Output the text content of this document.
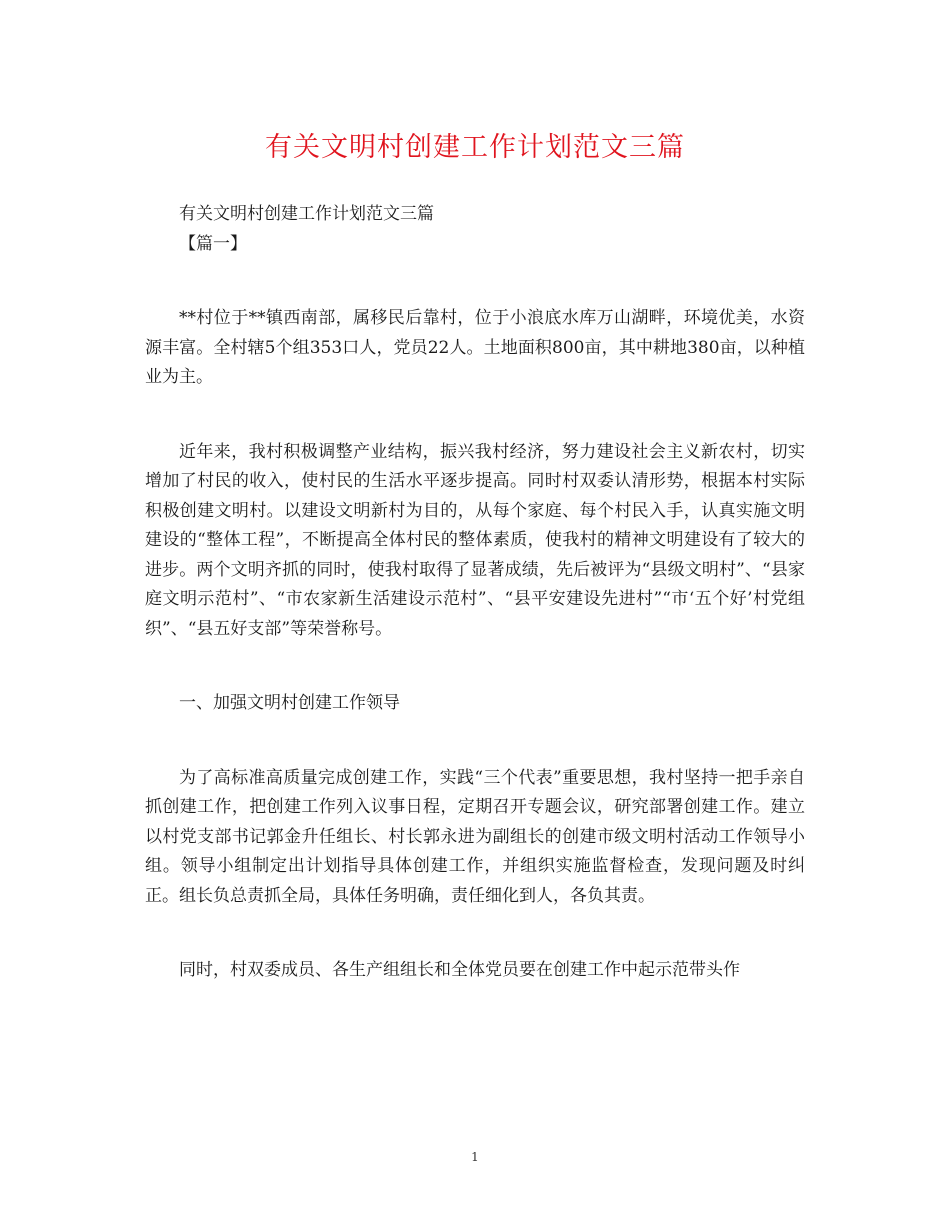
有关文明村创建工作计划范文三篇

有关文明村创建工作计划范文三篇

【篇一】

**村位于**镇西南部，属移民后靠村，位于小浪底水库万山湖畔，环境优美，水资源丰富。全村辖5个组353口人，党员22人。土地面积800亩，其中耕地380亩，以种植业为主。

近年来，我村积极调整产业结构，振兴我村经济，努力建设社会主义新农村，切实增加了村民的收入，使村民的生活水平逐步提高。同时村双委认清形势，根据本村实际积极创建文明村。以建设文明新村为目的，从每个家庭、每个村民入手，认真实施文明建设的“整体工程”，不断提高全体村民的整体素质，使我村的精神文明建设有了较大的进步。两个文明齐抓的同时，使我村取得了显著成绩，先后被评为“县级文明村”、“县家庭文明示范村”、“市农家新生活建设示范村”、“县平安建设先进村”“市‘五个好’村党组织”、“县五好支部”等荣誉称号。

一、加强文明村创建工作领导

为了高标准高质量完成创建工作，实践“三个代表”重要思想，我村坚持一把手亲自抓创建工作，把创建工作列入议事日程，定期召开专题会议，研究部署创建工作。建立以村党支部书记郭金升任组长、村长郭永进为副组长的创建市级文明村活动工作领导小组。领导小组制定出计划指导具体创建工作，并组织实施监督检查，发现问题及时纠正。组长负总责抓全局，具体任务明确，责任细化到人，各负其责。

同时，村双委成员、各生产组组长和全体党员要在创建工作中起示范带头作

1
